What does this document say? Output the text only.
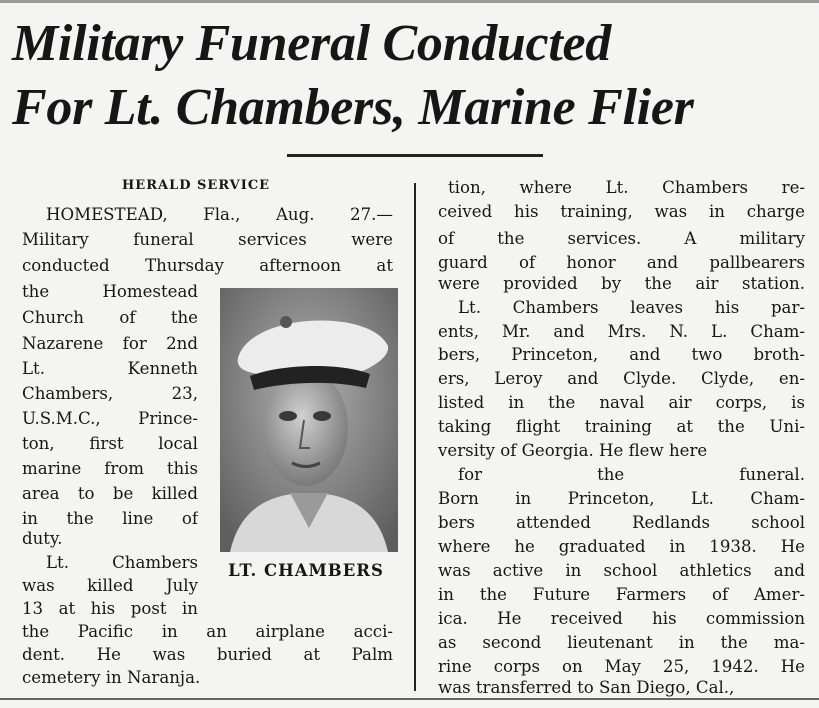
Military Funeral Conducted
For Lt. Chambers, Marine Flier
HERALD SERVICE
HOMESTEAD, Fla., Aug. 27.—
Military funeral services were
conducted Thursday afternoon at
the Homestead
Church of the
Nazarene for 2nd
Lt. Kenneth
Chambers, 23,
U.S.M.C., Prince-
ton, first local
marine from this
area to be killed
in the line of
duty.
Lt. Chambers
was killed July
13 at his post in
the Pacific in an airplane acci-
dent. He was buried at Palm
cemetery in Naranja.
LT. CHAMBERS
tion, where Lt. Chambers re-
ceived his training, was in charge
of the services. A military
guard of honor and pallbearers
were provided by the air station.
Lt. Chambers leaves his par-
ents, Mr. and Mrs. N. L. Cham-
bers, Princeton, and two broth-
ers, Leroy and Clyde. Clyde, en-
listed in the naval air corps, is
taking flight training at the Uni-
versity of Georgia. He flew here
for the funeral.
Born in Princeton, Lt. Cham-
bers attended Redlands school
where he graduated in 1938. He
was active in school athletics and
in the Future Farmers of Amer-
ica. He received his commission
as second lieutenant in the ma-
rine corps on May 25, 1942. He
was transferred to San Diego, Cal.,
